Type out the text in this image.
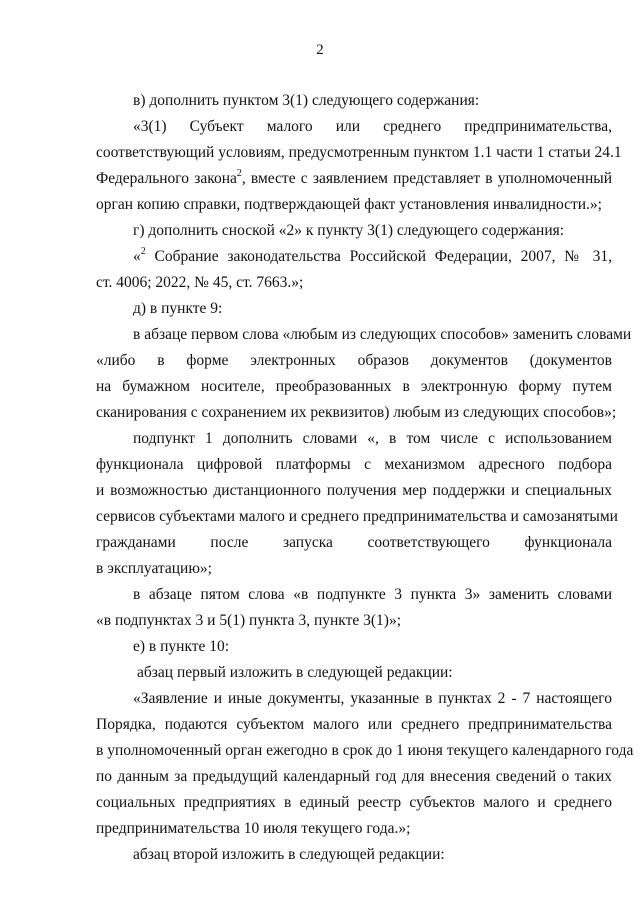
2
в) дополнить пунктом 3(1) следующего содержания:
«3(1) Субъект малого или среднего предпринимательства,
соответствующий условиям, предусмотренным пунктом 1.1 части 1 статьи 24.1
Федерального закона$^2$, вместе с заявлением представляет в уполномоченный
орган копию справки, подтверждающей факт установления инвалидности.»;
г) дополнить сноской «2» к пункту 3(1) следующего содержания:
«$^2$ Собрание законодательства Российской Федерации, 2007, № 31,
ст. 4006; 2022, № 45, ст. 7663.»;
д) в пункте 9:
в абзаце первом слова «любым из следующих способов» заменить словами
«либо в форме электронных образов документов (документов
на бумажном носителе, преобразованных в электронную форму путем
сканирования с сохранением их реквизитов) любым из следующих способов»;
подпункт 1 дополнить словами «, в том числе с использованием
функционала цифровой платформы с механизмом адресного подбора
и возможностью дистанционного получения мер поддержки и специальных
сервисов субъектами малого и среднего предпринимательства и самозанятыми
гражданами после запуска соответствующего функционала
в эксплуатацию»;
в абзаце пятом слова «в подпункте 3 пункта 3» заменить словами
«в подпунктах 3 и 5(1) пункта 3, пункте 3(1)»;
е) в пункте 10:
абзац первый изложить в следующей редакции:
«Заявление и иные документы, указанные в пунктах 2 - 7 настоящего
Порядка, подаются субъектом малого или среднего предпринимательства
в уполномоченный орган ежегодно в срок до 1 июня текущего календарного года
по данным за предыдущий календарный год для внесения сведений о таких
социальных предприятиях в единый реестр субъектов малого и среднего
предпринимательства 10 июля текущего года.»;
абзац второй изложить в следующей редакции:
